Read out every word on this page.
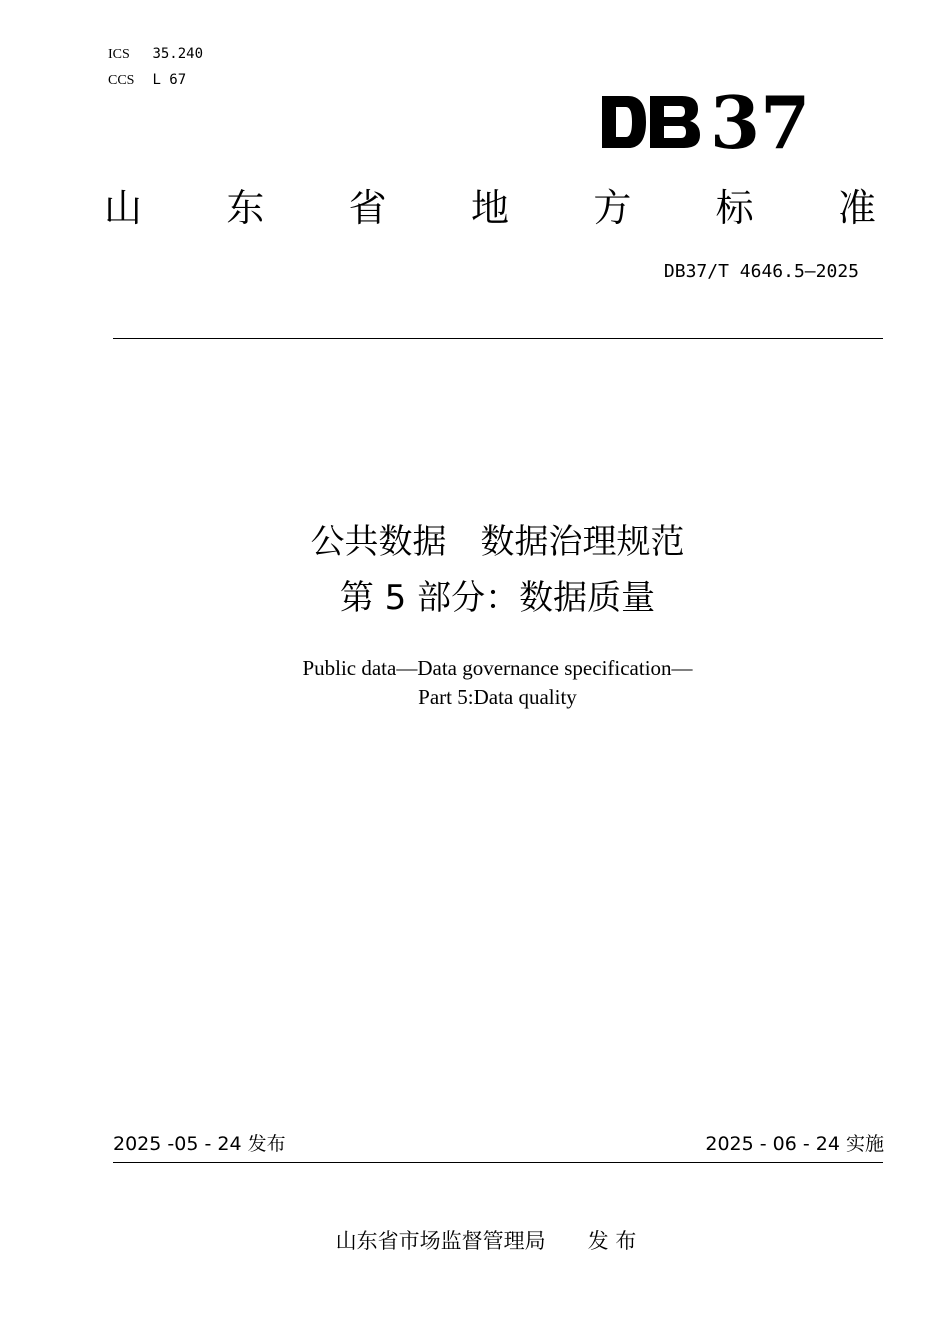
ICS 35.240
CCS L 67	37
山 东 省 地 方 标 准
DB37/T 4646.5—2025
公共数据　数据治理规范
第 5 部分：数据质量
Public data—Data governance specification—
Part 5:Data quality
2025 -05 - 24 发布	2025 - 06 - 24 实施
山东省市场监督管理局　　发 布
